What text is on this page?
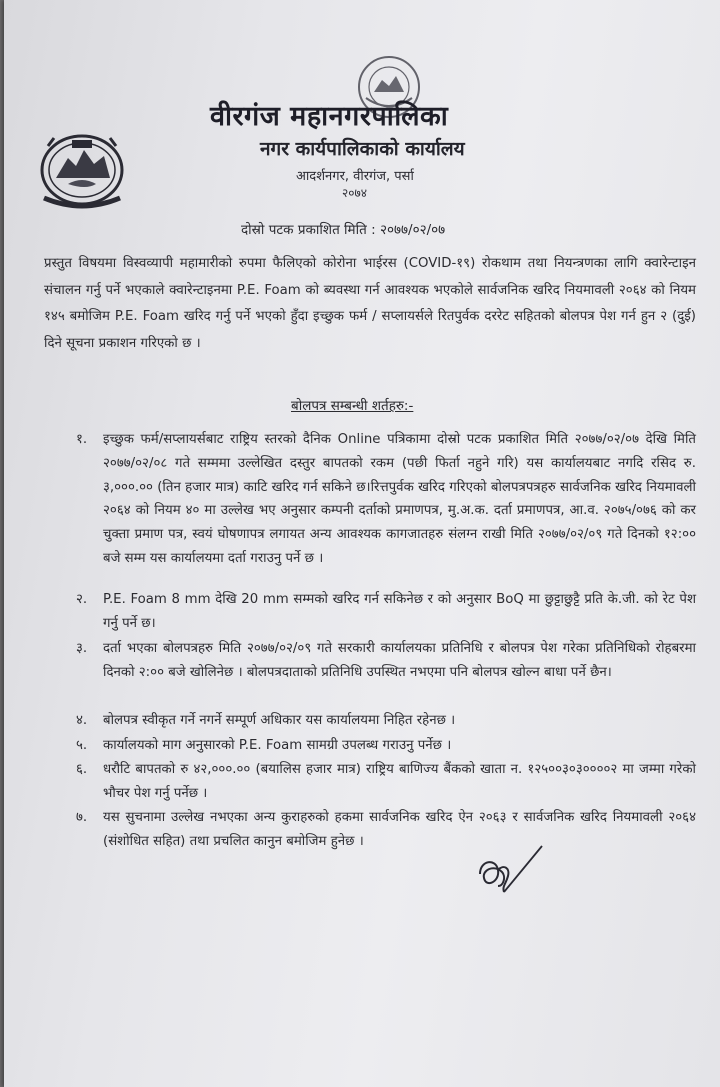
वीरगंज महानगरपालिका
नगर कार्यपालिकाको कार्यालय
आदर्शनगर, वीरगंज, पर्सा
२०७४
दोस्रो पटक प्रकाशित मिति : २०७७/०२/०७
प्रस्तुत विषयमा विस्वव्यापी महामारीको रुपमा फैलिएको कोरोना भाईरस (COVID-१९) रोकथाम तथा नियन्त्रणका लागि क्वारेन्टाइन संचालन गर्नु पर्ने भएकाले क्वारेन्टाइनमा P.E. Foam को ब्यवस्था गर्न आवश्यक भएकोले सार्वजनिक खरिद नियमावली २०६४ को नियम १४५ बमोजिम P.E. Foam खरिद गर्नु पर्ने भएको हुँदा इच्छुक फर्म / सप्लायर्सले रितपुर्वक दररेट सहितको बोलपत्र पेश गर्न हुन २ (दुई) दिने सूचना प्रकाशन गरिएको छ ।
बोलपत्र सम्बन्धी शर्तहरु:-
१. इच्छुक फर्म/सप्लायर्सबाट राष्ट्रिय स्तरको दैनिक Online पत्रिकामा दोस्रो पटक प्रकाशित मिति २०७७/०२/०७ देखि मिति २०७७/०२/०८ गते सम्ममा उल्लेखित दस्तुर बापतको रकम (पछी फिर्ता नहुने गरि) यस कार्यालयबाट नगदि रसिद रु. ३,०००.०० (तिन हजार मात्र) काटि खरिद गर्न सकिने छ।रित्तपुर्वक खरिद गरिएको बोलपत्रपत्रहरु सार्वजनिक खरिद नियमावली २०६४ को नियम ४० मा उल्लेख भए अनुसार कम्पनी दर्ताको प्रमाणपत्र, मु.अ.क. दर्ता प्रमाणपत्र, आ.व. २०७५/०७६ को कर चुक्ता प्रमाण पत्र, स्वयं घोषणापत्र लगायत अन्य आवश्यक कागजातहरु संलग्न राखी मिति २०७७/०२/०९ गते दिनको १२:०० बजे सम्म यस कार्यालयमा दर्ता गराउनु पर्ने छ ।
२. P.E. Foam 8 mm देखि 20 mm सम्मको खरिद गर्न सकिनेछ र को अनुसार BoQ मा छुट्टाछुट्टै प्रति के.जी. को रेट पेश गर्नु पर्ने छ।
३. दर्ता भएका बोलपत्रहरु मिति २०७७/०२/०९ गते सरकारी कार्यालयका प्रतिनिधि र बोलपत्र पेश गरेका प्रतिनिधिको रोहबरमा दिनको २:०० बजे खोलिनेछ । बोलपत्रदाताको प्रतिनिधि उपस्थित नभएमा पनि बोलपत्र खोल्न बाधा पर्ने छैन।
४. बोलपत्र स्वीकृत गर्ने नगर्ने सम्पूर्ण अधिकार यस कार्यालयमा निहित रहेनछ ।
५. कार्यालयको माग अनुसारको P.E. Foam सामग्री उपलब्ध गराउनु पर्नेछ ।
६. धरौटि बापतको रु ४२,०००.०० (बयालिस हजार मात्र) राष्ट्रिय बाणिज्य बैंकको खाता न. १२५००३०३००००२ मा जम्मा गरेको भौचर पेश गर्नु पर्नेछ ।
७. यस सुचनामा उल्लेख नभएका अन्य कुराहरुको हकमा सार्वजनिक खरिद ऐन २०६३ र सार्वजनिक खरिद नियमावली २०६४ (संशोधित सहित) तथा प्रचलित कानुन बमोजिम हुनेछ ।
